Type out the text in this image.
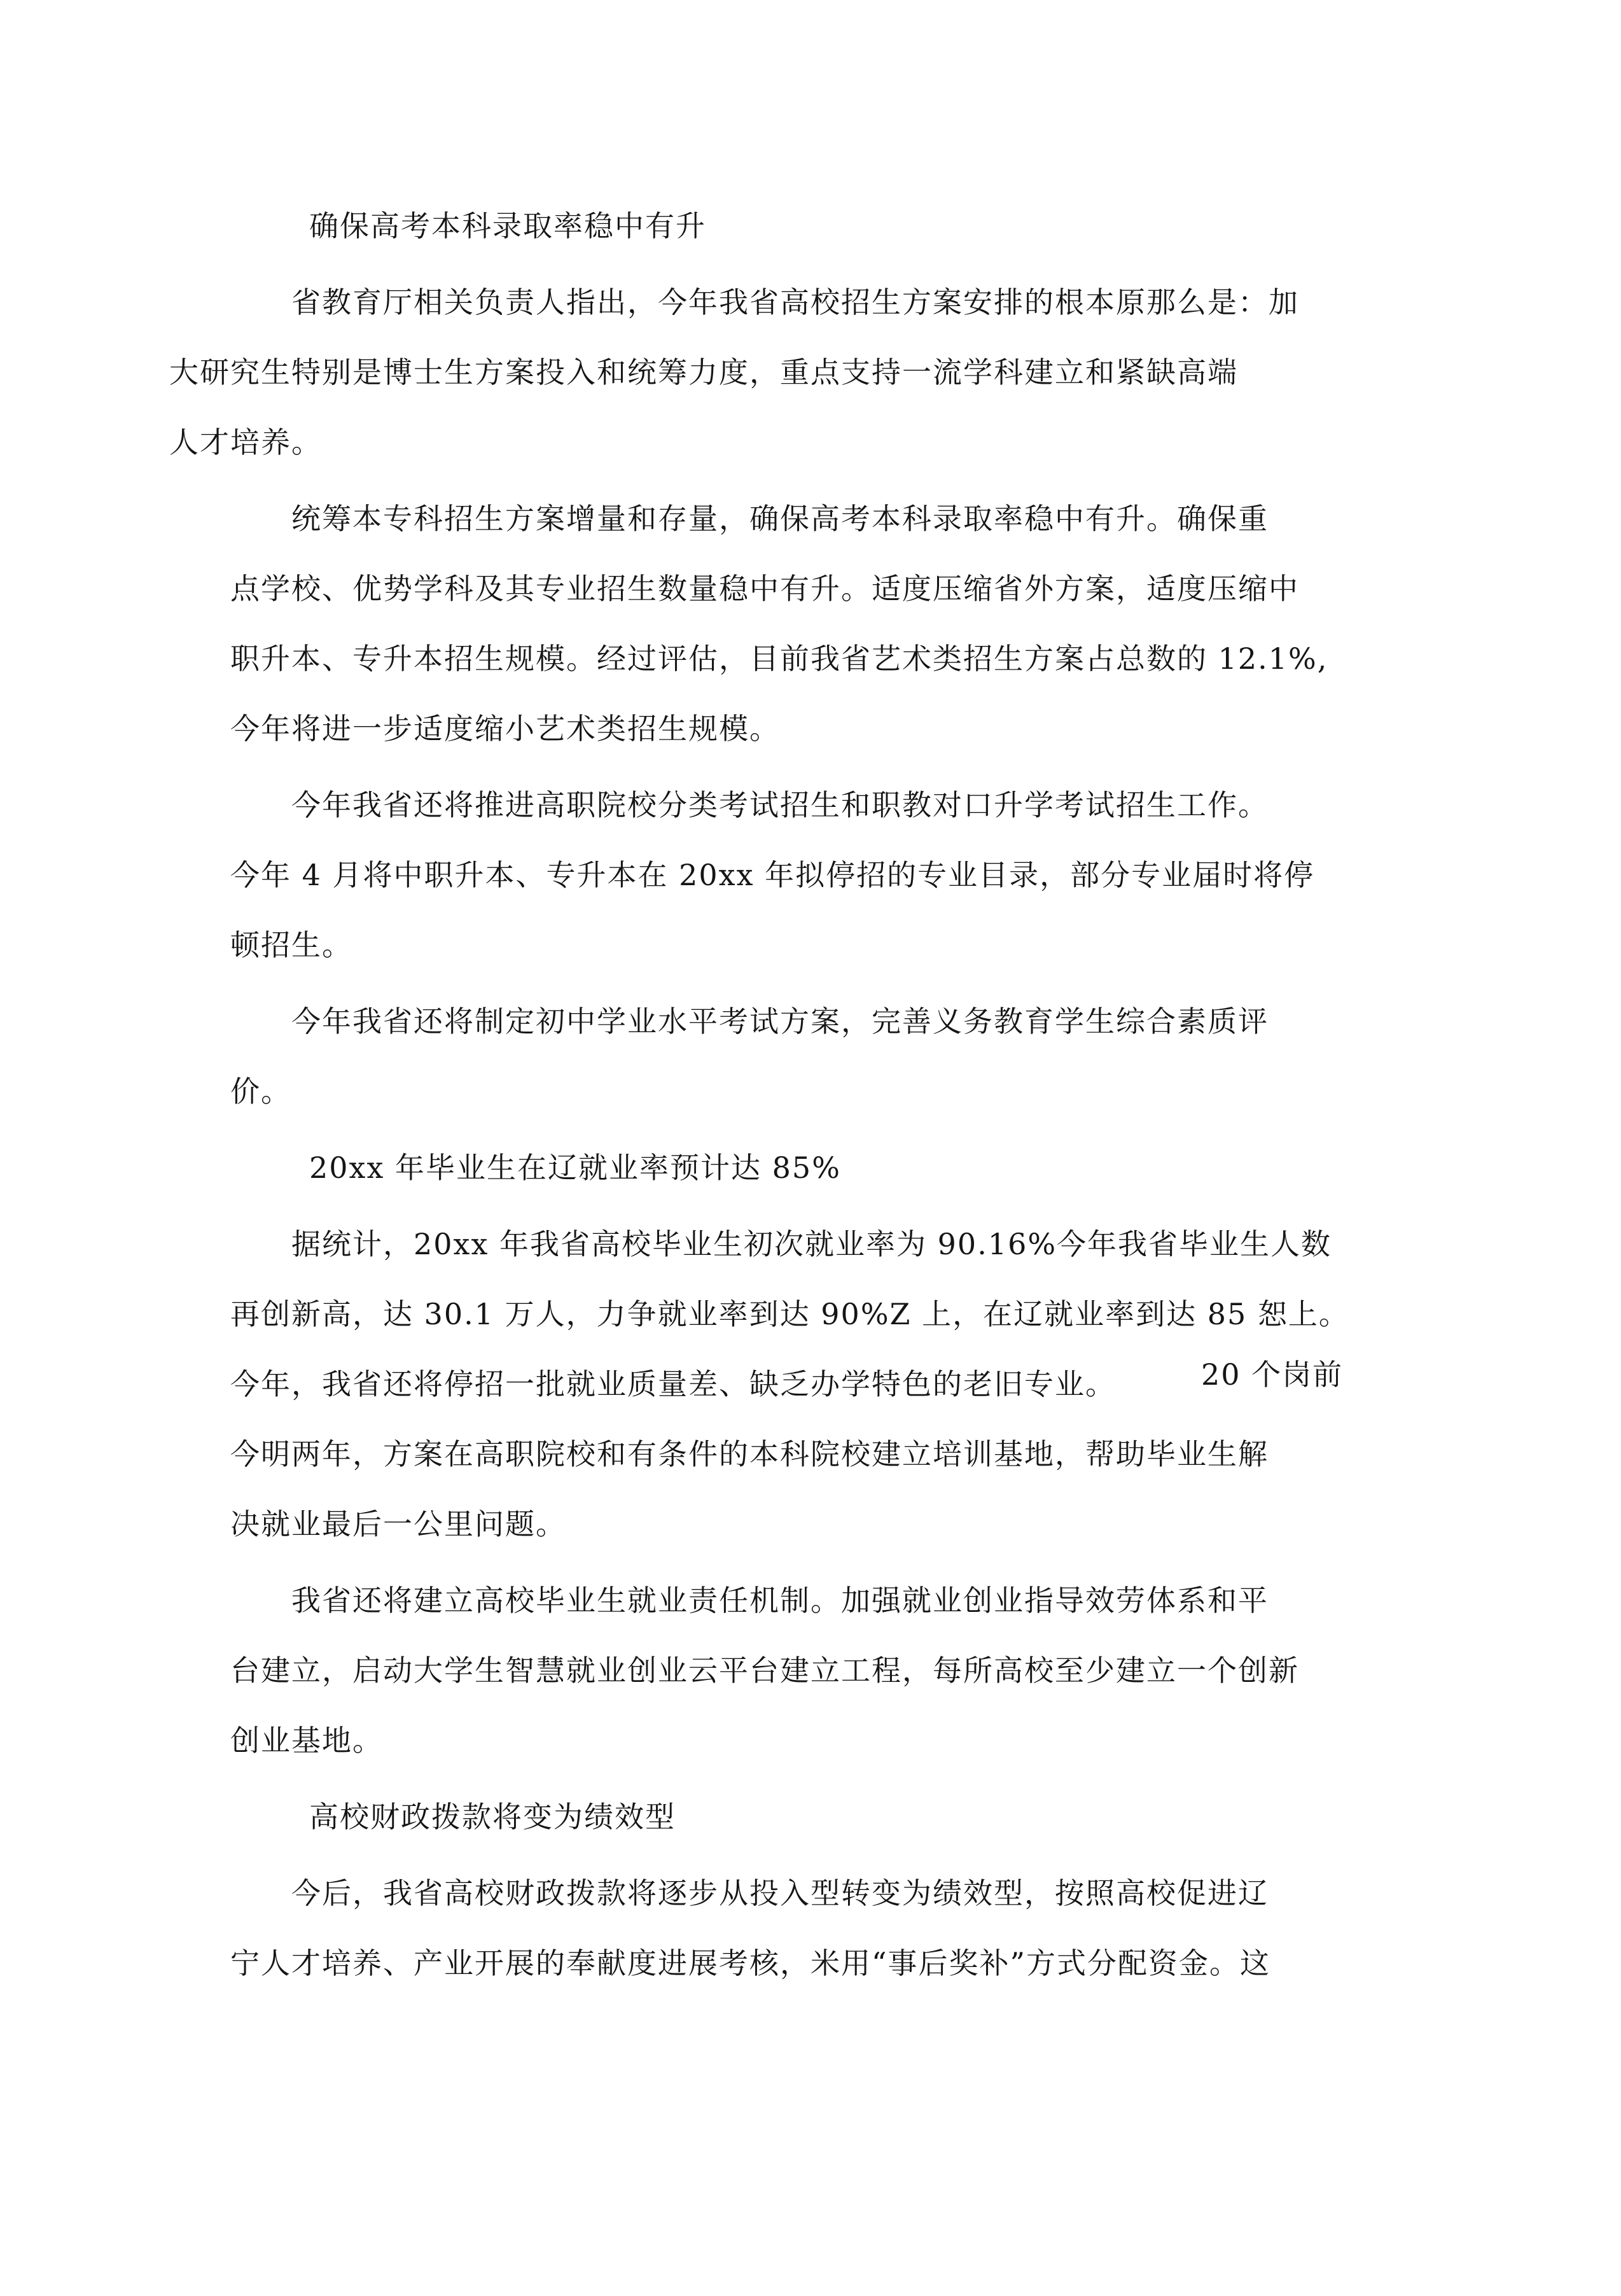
确保高考本科录取率稳中有升

省教育厅相关负责人指出，今年我省高校招生方案安排的根本原那么是：加
大研究生特别是博士生方案投入和统筹力度，重点支持一流学科建立和紧缺高端
人才培养。

统筹本专科招生方案增量和存量，确保高考本科录取率稳中有升。确保重
点学校、优势学科及其专业招生数量稳中有升。适度压缩省外方案，适度压缩中
职升本、专升本招生规模。经过评估，目前我省艺术类招生方案占总数的 12.1%,
今年将进一步适度缩小艺术类招生规模。

今年我省还将推进高职院校分类考试招生和职教对口升学考试招生工作。
今年 4 月将中职升本、专升本在 20xx 年拟停招的专业目录，部分专业届时将停
顿招生。

今年我省还将制定初中学业水平考试方案，完善义务教育学生综合素质评
价。

20xx 年毕业生在辽就业率预计达 85%

据统计，20xx 年我省高校毕业生初次就业率为 90.16%今年我省毕业生人数
再创新高，达 30.1 万人，力争就业率到达 90%Z 上，在辽就业率到达 85 恕上。
今年，我省还将停招一批就业质量差、缺乏办学特色的老旧专业。
今明两年，方案在高职院校和有条件的本科院校建立培训基地，帮助毕业生解
决就业最后一公里问题。

我省还将建立高校毕业生就业责任机制。加强就业创业指导效劳体系和平
台建立，启动大学生智慧就业创业云平台建立工程，每所高校至少建立一个创新
创业基地。

高校财政拨款将变为绩效型

今后，我省高校财政拨款将逐步从投入型转变为绩效型，按照高校促进辽
宁人才培养、产业开展的奉献度进展考核，米用“事后奖补”方式分配资金。这

20 个岗前
